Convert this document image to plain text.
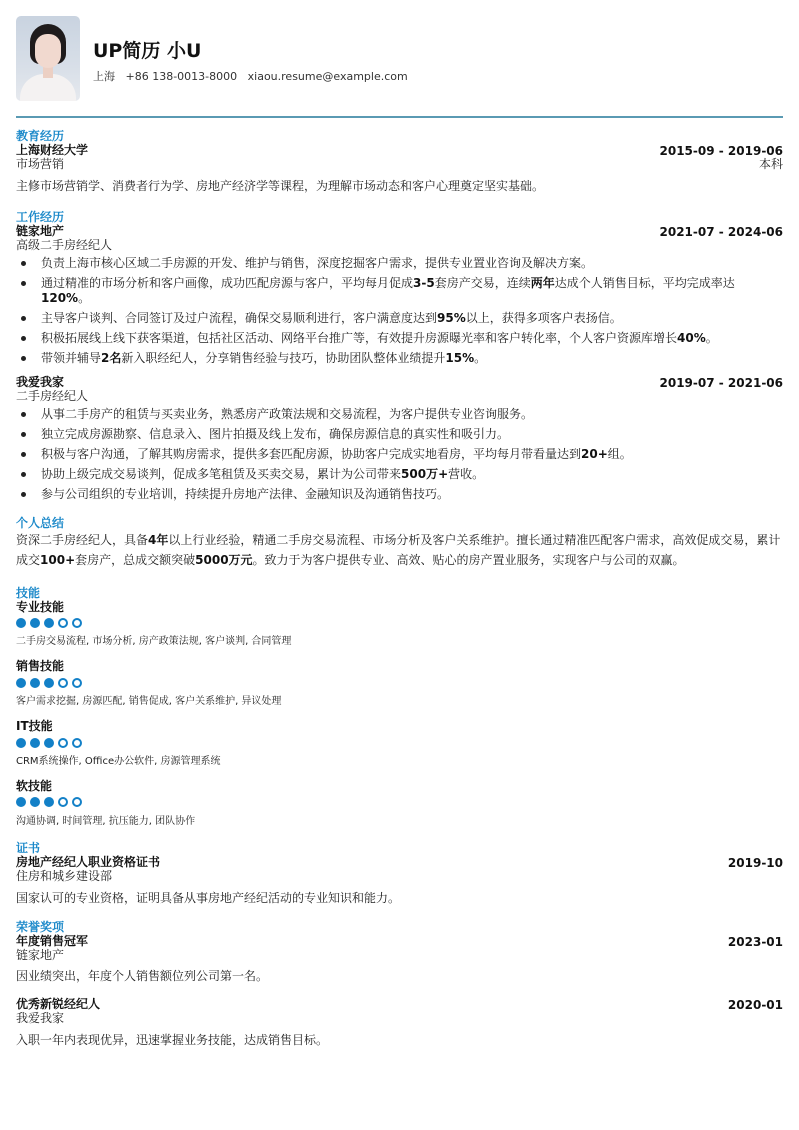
UP简历 小U
上海 +86 138-0013-8000 xiaou.resume@example.com
教育经历
上海财经大学
市场营销
2015-09 - 2019-06
本科
主修市场营销学、消费者行为学、房地产经济学等课程，为理解市场动态和客户心理奠定坚实基础。
工作经历
链家地产
高级二手房经纪人
2021-07 - 2024-06
负责上海市核心区域二手房源的开发、维护与销售，深度挖掘客户需求，提供专业置业咨询及解决方案。
通过精准的市场分析和客户画像，成功匹配房源与客户，平均每月促成3-5套房产交易，连续两年达成个人销售目标，平均完成率达120%。
主导客户谈判、合同签订及过户流程，确保交易顺利进行，客户满意度达到95%以上，获得多项客户表扬信。
积极拓展线上线下获客渠道，包括社区活动、网络平台推广等，有效提升房源曝光率和客户转化率，个人客户资源库增长40%。
带领并辅导2名新入职经纪人，分享销售经验与技巧，协助团队整体业绩提升15%。
我爱我家
二手房经纪人
2019-07 - 2021-06
从事二手房产的租赁与买卖业务，熟悉房产政策法规和交易流程，为客户提供专业咨询服务。
独立完成房源勘察、信息录入、图片拍摄及线上发布，确保房源信息的真实性和吸引力。
积极与客户沟通，了解其购房需求，提供多套匹配房源，协助客户完成实地看房，平均每月带看量达到20+组。
协助上级完成交易谈判，促成多笔租赁及买卖交易，累计为公司带来500万+营收。
参与公司组织的专业培训，持续提升房地产法律、金融知识及沟通销售技巧。
个人总结
资深二手房经纪人，具备4年以上行业经验，精通二手房交易流程、市场分析及客户关系维护。擅长通过精准匹配客户需求，高效促成交易，累计成交100+套房产，总成交额突破5000万元。致力于为客户提供专业、高效、贴心的房产置业服务，实现客户与公司的双赢。
技能
专业技能
二手房交易流程, 市场分析, 房产政策法规, 客户谈判, 合同管理
销售技能
客户需求挖掘, 房源匹配, 销售促成, 客户关系维护, 异议处理
IT技能
CRM系统操作, Office办公软件, 房源管理系统
软技能
沟通协调, 时间管理, 抗压能力, 团队协作
证书
房地产经纪人职业资格证书
住房和城乡建设部
2019-10
国家认可的专业资格，证明具备从事房地产经纪活动的专业知识和能力。
荣誉奖项
年度销售冠军
链家地产
2023-01
因业绩突出，年度个人销售额位列公司第一名。
优秀新锐经纪人
我爱我家
2020-01
入职一年内表现优异，迅速掌握业务技能，达成销售目标。
